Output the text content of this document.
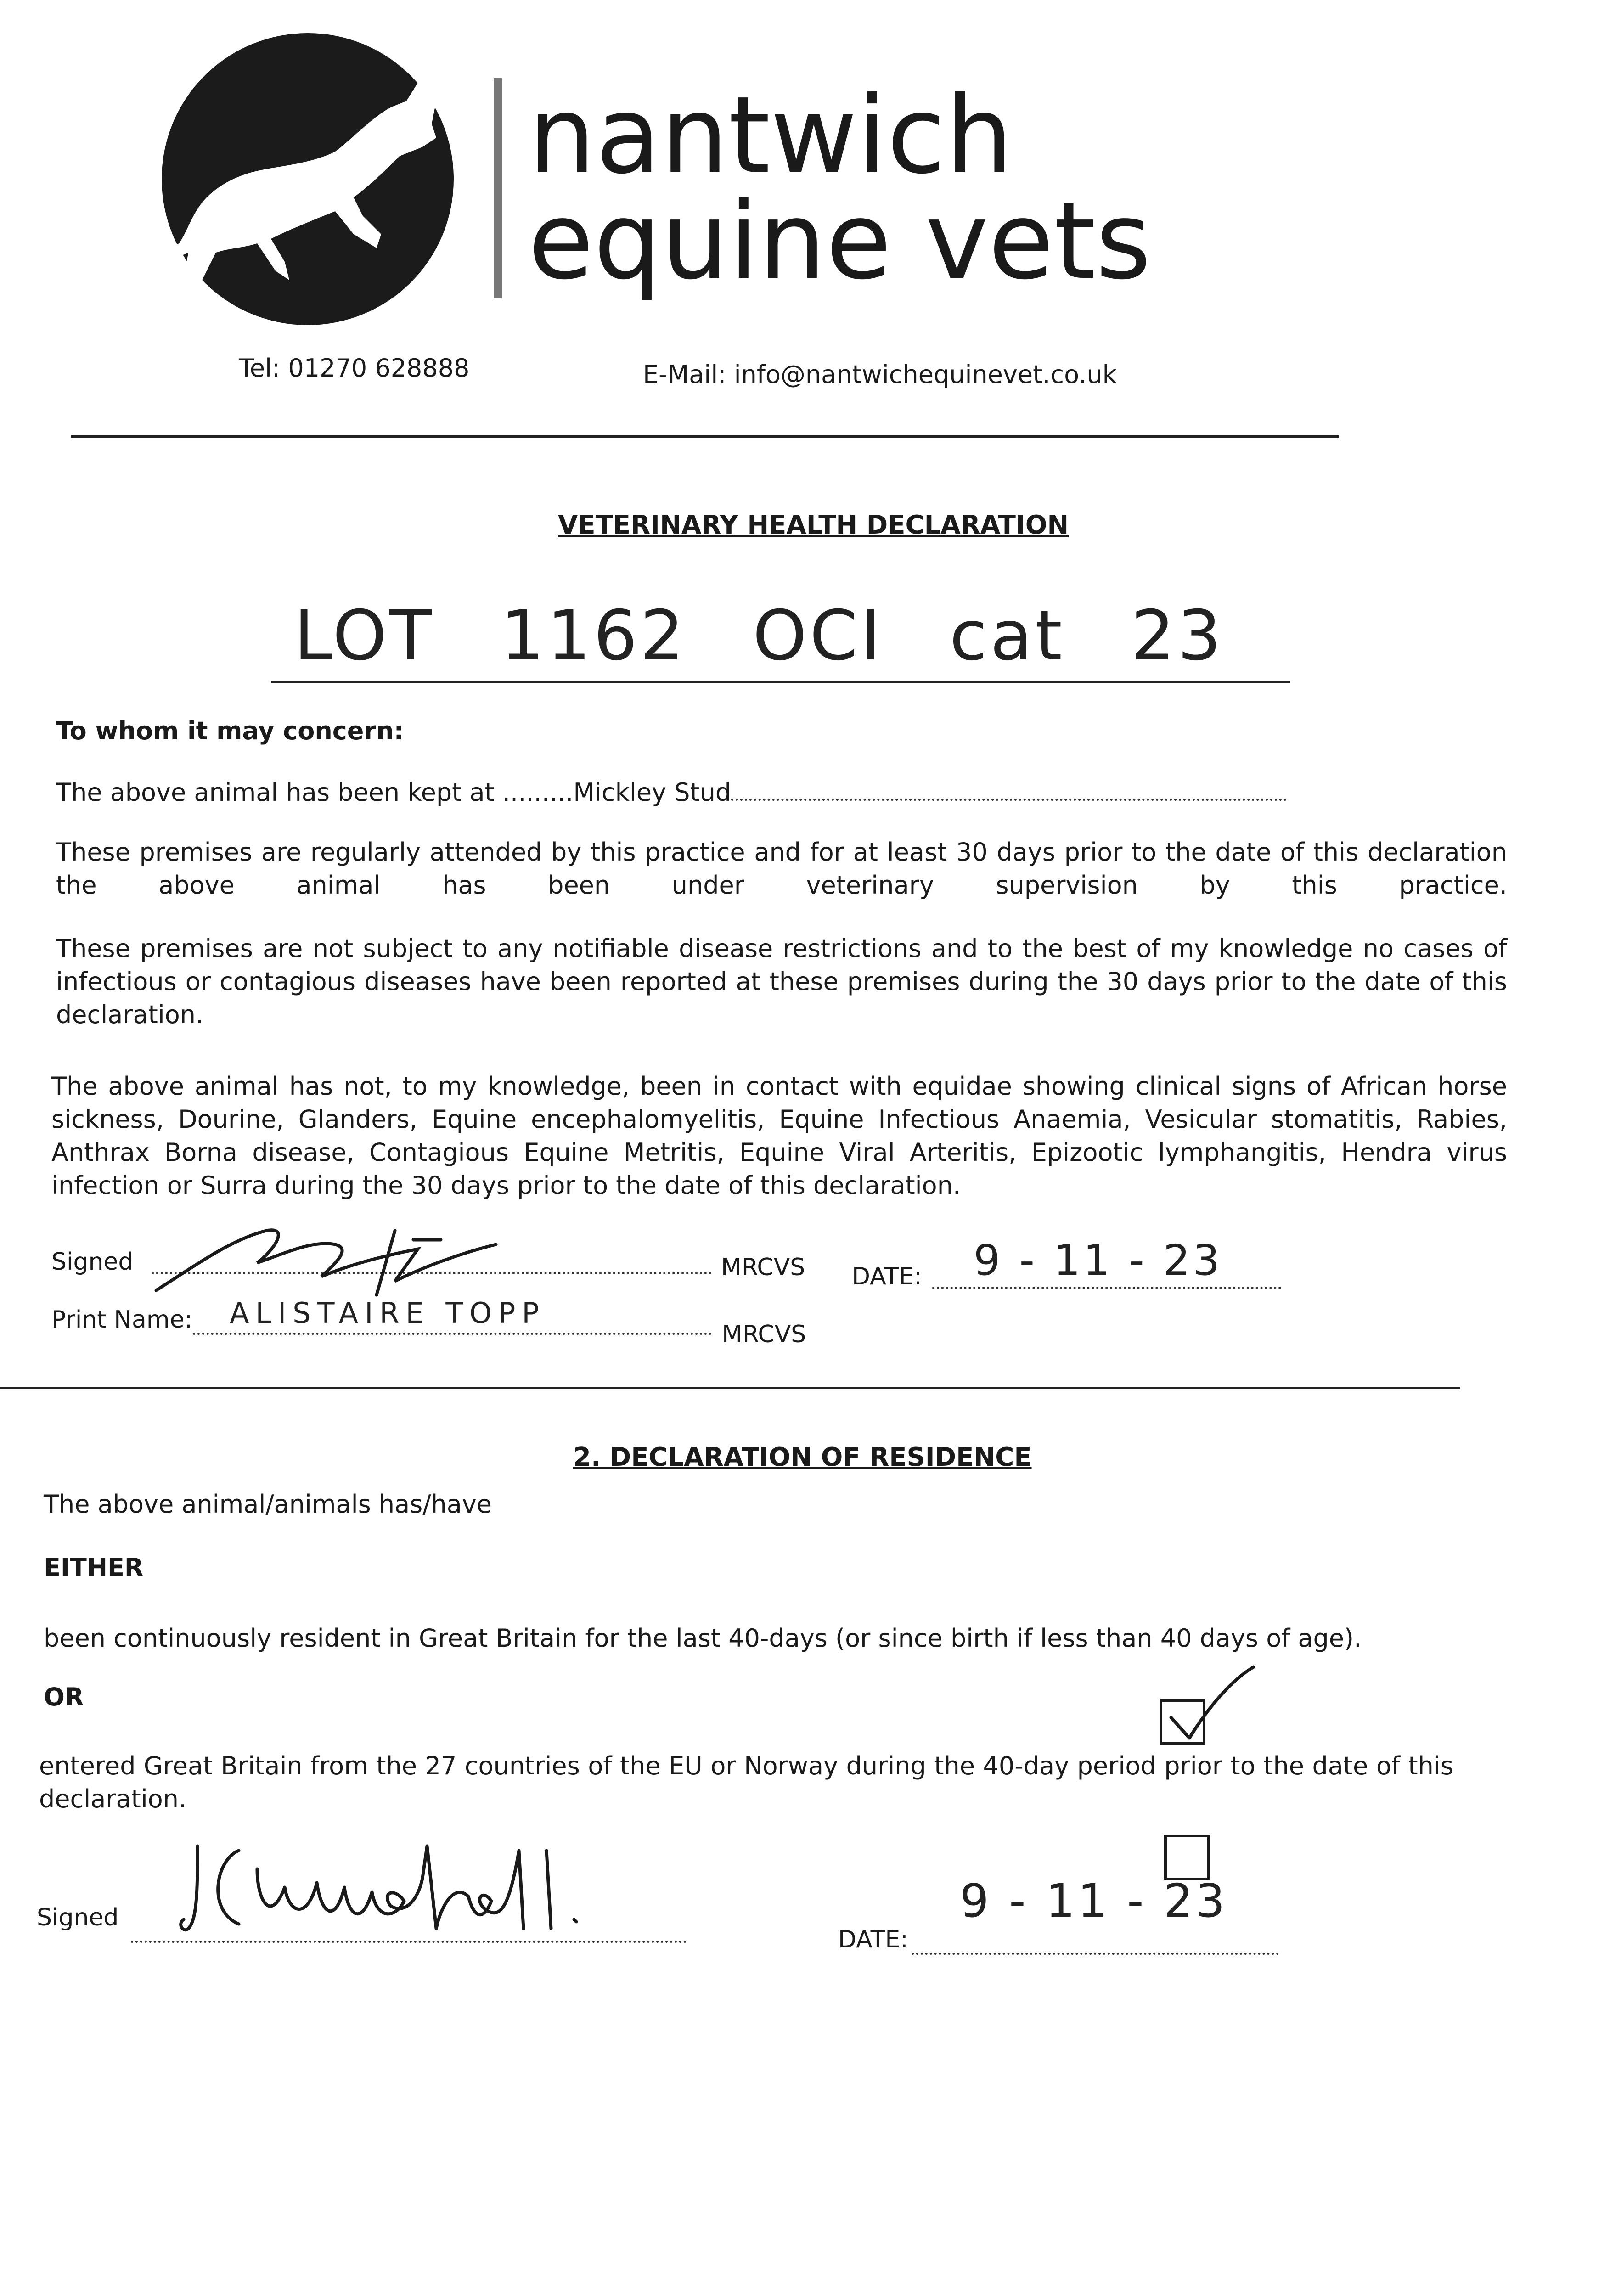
nantwich
equine vets
Tel: 01270 628888	E-Mail: info@nantwichequinevet.co.uk
VETERINARY HEALTH DECLARATION
LOT 1162 OCI cat 23
To whom it may concern:
The above animal has been kept at .........Mickley Stud
These premises are regularly attended by this practice and for at least 30 days prior to the date of this declaration the above animal has been under veterinary supervision by this practice.
These premises are not subject to any notifiable disease restrictions and to the best of my knowledge no cases of infectious or contagious diseases have been reported at these premises during the 30 days prior to the date of this declaration.
The above animal has not, to my knowledge, been in contact with equidae showing clinical signs of African horse sickness, Dourine, Glanders, Equine encephalomyelitis, Equine Infectious Anaemia, Vesicular stomatitis, Rabies, Anthrax Borna disease, Contagious Equine Metritis, Equine Viral Arteritis, Epizootic lymphangitis, Hendra virus infection or Surra during the 30 days prior to the date of this declaration.
Signed	MRCVS DATE: 9 - 11 - 23
Print Name: ALISTAIRE TOPP
MRCVS
2. DECLARATION OF RESIDENCE
The above animal/animals has/have
EITHER
been continuously resident in Great Britain for the last 40-days (or since birth if less than 40 days of age).
OR
entered Great Britain from the 27 countries of the EU or Norway during the 40-day period prior to the date of this declaration.
Signed
DATE:
9 - 11 - 23
